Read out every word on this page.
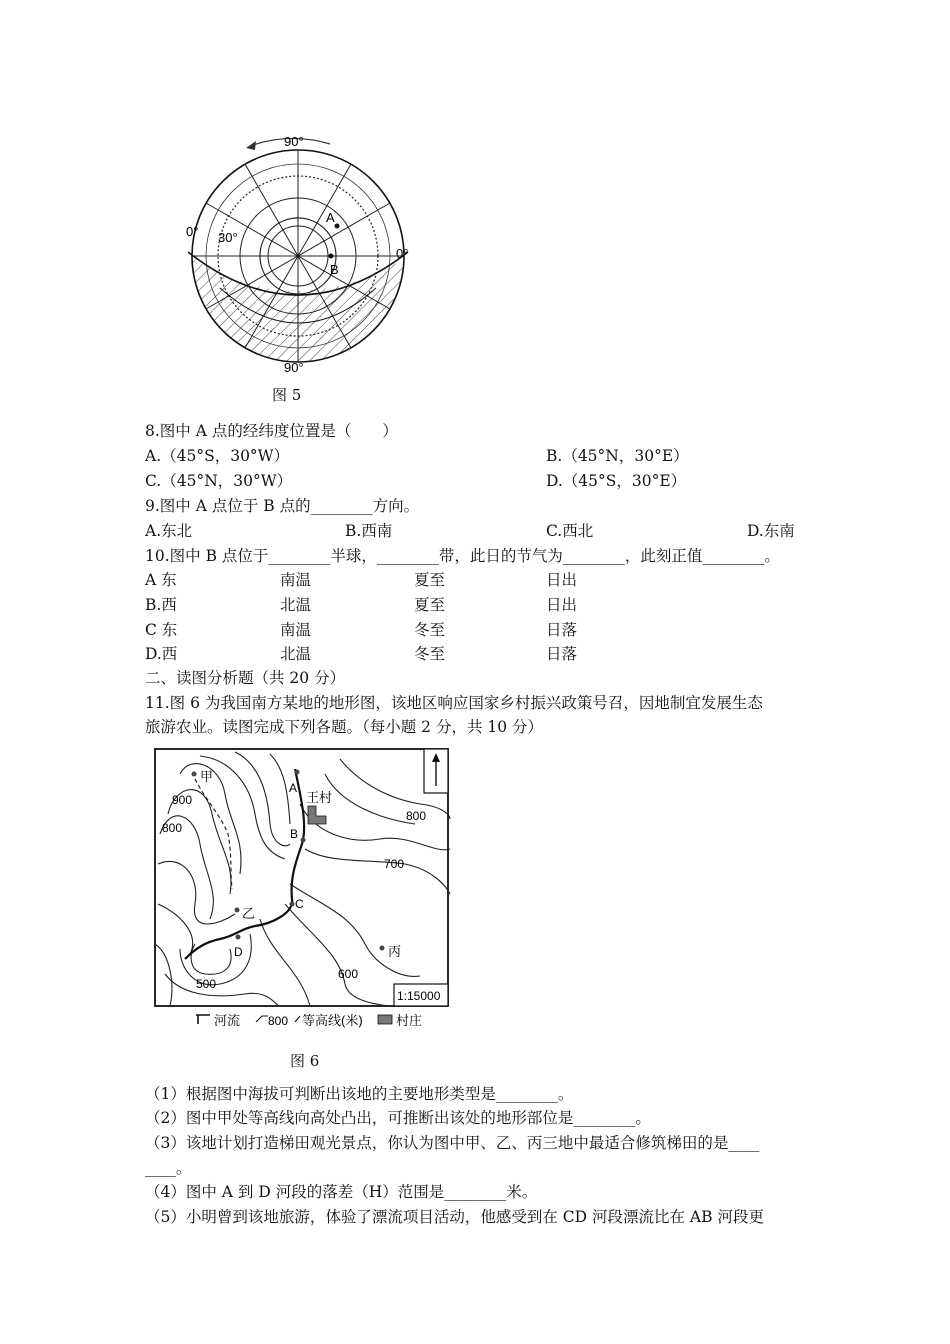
A
B
90°
90°
0°
0°
30°
图 5
8.图中 A 点的经纬度位置是（　　）
A.（45°S，30°W）	B.（45°N，30°E）
C.（45°N，30°W）	D.（45°S，30°E）
9.图中 A 点位于 B 点的________方向。
A.东北	B.西南	C.西北	D.东南
10.图中 B 点位于________半球，________带，此日的节气为________，此刻正值________。
A 东	南温	夏至	日出
B.西	北温	夏至	日出
C 东	南温	冬至	日落
D.西	北温	冬至	日落
二、读图分析题（共 20 分）
11.图 6 为我国南方某地的地形图，该地区响应国家乡村振兴政策号召，因地制宜发展生态
旅游农业。读图完成下列各题。（每小题 2 分，共 10 分）
甲
A
王村
B
C
乙
D	丙
900
800
800
700
600
500
1:15000
河流 800 等高线(米)	村庄
图 6
（1）根据图中海拔可判断出该地的主要地形类型是________。
（2）图中甲处等高线向高处凸出，可推断出该处的地形部位是________。
（3）该地计划打造梯田观光景点，你认为图中甲、乙、丙三地中最适合修筑梯田的是____
____。
（4）图中 A 到 D 河段的落差（H）范围是________米。
（5）小明曾到该地旅游，体验了漂流项目活动，他感受到在 CD 河段漂流比在 AB 河段更
